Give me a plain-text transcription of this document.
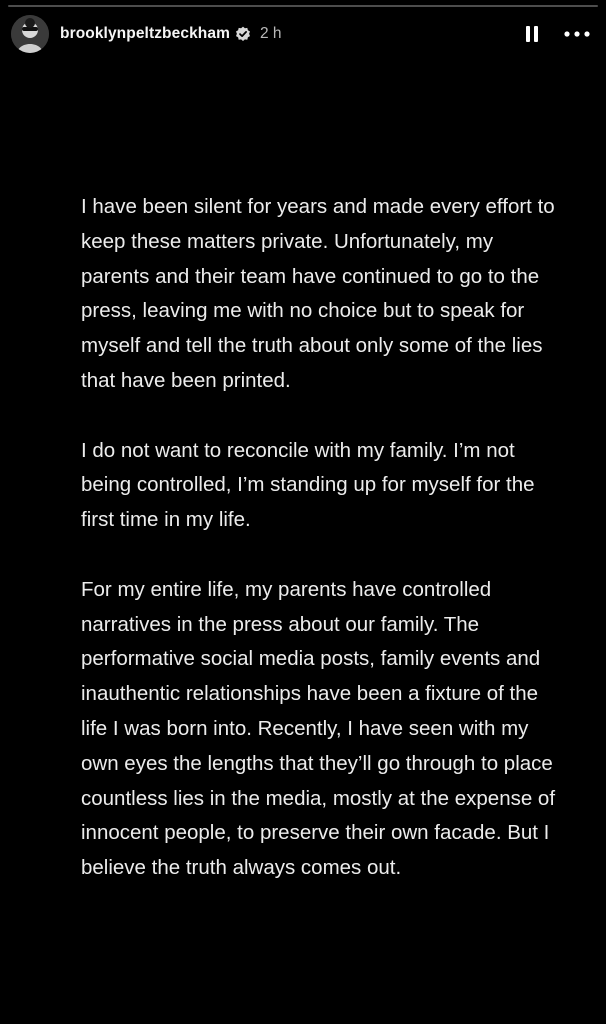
brooklynpeltzbeckham 2 h

I have been silent for years and made every effort to keep these matters private. Unfortunately, my parents and their team have continued to go to the press, leaving me with no choice but to speak for myself and tell the truth about only some of the lies that have been printed.

I do not want to reconcile with my family. I’m not being controlled, I’m standing up for myself for the first time in my life.

For my entire life, my parents have controlled narratives in the press about our family. The performative social media posts, family events and inauthentic relationships have been a fixture of the life I was born into. Recently, I have seen with my own eyes the lengths that they’ll go through to place countless lies in the media, mostly at the expense of innocent people, to preserve their own facade. But I believe the truth always comes out.
